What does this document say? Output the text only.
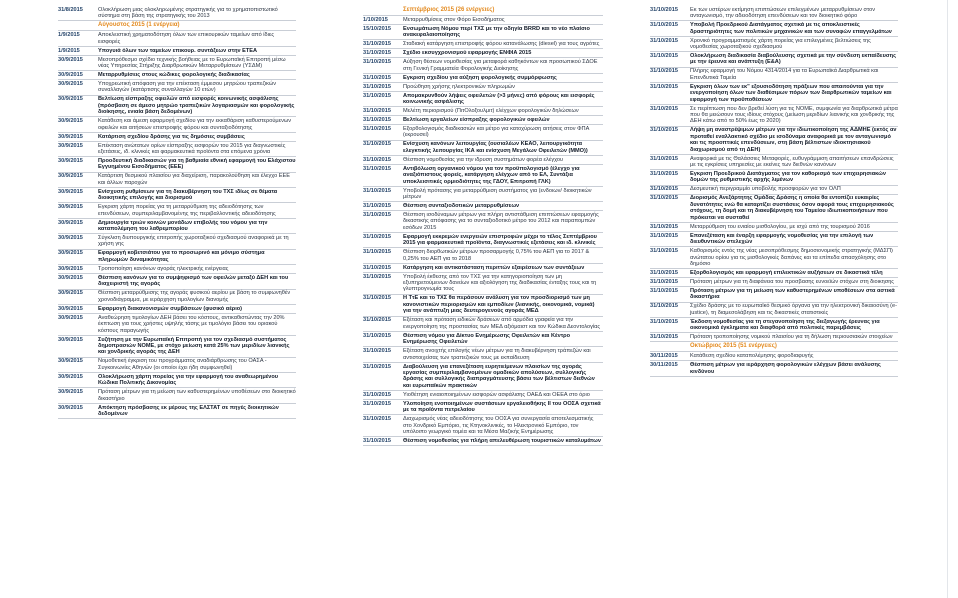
31/8/2015	Ολοκλήρωση μιας ολοκληρωμένης στρατηγικής για το χρηματοπιστωτικό σύστημα στη βάση της στρατηγικής του 2013
Αύγουστος 2015 (1 ενέργεια)
1/9/2015	Αποκλειστική χρηματοδότηση όλων των επικουρικών ταμείων από ίδιες εισφορές
1/9/2015	Υπογυιά όλων των ταμείων επικουρ. συντάξεων στην ΕΤΕΑ
30/9/2015	Μεσοπρόθεσμο σχέδιο τεχνικής βοήθειας με το Ευρωπαϊκή Επιτροπή μέσω νέας Υπηρεσίας Στήριξης Διαρθρωτικών Μεταρρυθμίσεων (ΥΣΔΜ)
30/9/2015	Μεταρρυθμίσεις στους κώδικες φορολογικής διαδικασίας
30/9/2015	Υποχρεωτική απόφαση για την επέκταση έμμεσου μητρώου τραπεζικών συναλλαγών (κατάρτισης συναλλαγών 10 ετών)
30/9/2015	Βελτίωση είσπραξης οφειλών από εισφορές κοινωνικής ασφάλισης (πρόσβαση σε άμεσο μητρώο τραπεζικών λογαριασμών και φορολογικής διοίκησης, ενιαία βάση δεδομένων)
30/9/2015	Κατάθεση και άμεση εφαρμογή σχεδίου για την εκκαθάριση καθυστερούμενων οφειλών και αιτήσεων επιστροφής φόρου και συνταξιοδότησης
30/9/2015	Κατάρτιση σχεδίου δράσης για τις δημόσιες συμβάσεις
30/9/2015	Επέκταση ανώτατων ορίων είσπραξης εισφορών του 2015 για διαγνωστικές εξετάσεις, ιδ. κλινικές και φαρμακευτικά προϊόντα στα επόμενα χρόνια
30/9/2015	Προοδευτική διαδικασιών για τη βαθμιαία εθνική εφαρμογή του Ελάχιστου Εγγυημένου Εισοδήματος (ΕΕΕ)
30/9/2015	Κατάρτιση θεσμικού πλαισίου για διαχείριση, παρακολούθηση και έλεγχο ΕΕΕ και άλλων παροχών
30/9/2015	Ενίσχυση ρυθμίσεων για τη διακυβέρνηση του ΤΧΣ ιδίως σε θέματα διοικητικής επιλογής και διορισμού
30/9/2015	Εγκριση χάρτη πορείας για τη μεταρρύθμιση της αδειοδότησης των επενδύσεων, συμπεριλαμβανομένης της περιβαλλοντικής αδειοδότησης
30/9/2015	Δημιουργία τριών κοινών μονάδων επιβολής του νόμου για την καταπολέμηση του λαθρεμπορίου
30/9/2015	Σύγκλιση διυπουργικής επιτροπής χωροταξικού σχεδιασμού αναφορικά με τη χρήση γης
30/9/2015	Εφαρμογή κοβετσιάτου για το προσωρινό και μόνιμο σύστημα πληρωμών δυναμικότητας
30/9/2015	Τροποποίηση κανόνων αγοράς ηλεκτρικής ενέργειας
30/9/2015	Θέσπιση κανόνων για το συμψηφισμό των οφειλών μεταξύ ΔΕΗ και του διαχειριστή της αγοράς
30/9/2015	Θέσπιση μεταρρύθμισης της αγοράς φυσικού αερίου με βάση το συμφωνηθέν χρονοδιάγραμμα, με ιεράρχηση τιμολογίων διανομής
30/9/2015	Εφαρμογή διακανονισμών συμβάσεων (φυσικό αέριο)
30/9/2015	Αναθεώρηση τιμολογίων ΔΕΗ βάσει του κόστους, αντικαθιστώντας την 20% έκπτωση για τους χρήστες υψηλής τάσης με τιμολόγιο βάσει του οριακού κόστους παραγωγής
30/9/2015	Συζήτηση με την Ευρωπαϊκή Επιτροπή για τον σχεδιασμό συστήματος δημοπρασιών ΝΟΜΕ, με στόχο μείωση κατά 25% των μεριδίων λιανικής και χονδρικής αγοράς της ΔΕΗ
30/9/2015	Νομοθετική έγκριση του προγράμματος αναδιάρθρωσης του ΟΑΣΑ - Συγκοινωνίες Αθηνών (οι οποίοι έχει ήδη συμφωνηθεί)
30/9/2015	Ολοκλήρωση χάρτη πορείας για την εφαρμογή του αναθεωρημένου Κώδικα Πολιτικής Δικονομίας
30/9/2015	Πρόταση μέτρων για τη μείωση των καθυστερημένων υποθέσεων στο διοικητικό δικαστήριο
30/9/2015	Απόκτηση πρόσβασης εκ μέρους της ΕΛΣΤΑΤ σε πηγές διοικητικών δεδομένων
Σεπτέμβριος 2015 (26 ενέργειες)
1/10/2015	Μεταρρυθμίσεις στον Φόρο Εισοδήματος
15/10/2015	Ενσωμάτωση Νόμου περί ΤΧΣ με την οδηγία BRRD και το νέο πλαίσιο ανακεφαλαιοποίησης
31/10/2015	Σταδιακή κατάργηση επιστροφής φόρου κατανάλωσης (diesel) για τους αγρότες
31/10/2015	Σχέδιο εκσυγχρονισμού εφαρμογής ΕΝΦΙΑ 2015
31/10/2015	Αύξηση θέσεων νομοθεσίας για μεταφορά καθηκόντων και προσωπικού ΣΔΟΕ στη Γενική Γραμματεία Φορολογικής Διοίκησης
31/10/2015	Εγκριση σχεδίου για αύξηση φορολογικής συμμόρφωσης
31/10/2015	Προώθηση χρήσης ηλεκτρονικών πληρωμών
31/10/2015	Απομακρυνθούν λήψεις οφειλετών (>3 μήνες) από φόρους και εισφορές κοινωνικής ασφάλισης
31/10/2015	Μελέτη περιορισμού (ΠιτΟλοξουλμιτ) ελέγχων φορολογικών δηλώσεων
31/10/2015	Βελτίωση εργαλείων είσπραξης φορολογικών οφειλών
31/10/2015	Εξορθολογισμός διαδικασιών και μέτρο για κατοχύρωση αιτήσεις στον ΦΠΑ (εκρουσεί)
31/10/2015	Ενίσχυση κανόνων λειτουργίας (ουσιαλέων ΚΕΑΟ, λειτουργικότητα ελεγκτικής λειτουργίας ΙΚΑ και ενίσχυση Μεγάλων Οφειλετών (ΜΜΟ))
31/10/2015	Θέσπιση νομοθεσίας για την ιδρυση συστημάτων φορέα ελέγχου
31/10/2015	Αντιβόλωση οργανικού νόμου για τον προϋπολογισμό (έλεγχο για αναξιόπιστους φορείς, κατάργηση ελέγχων από το ΕΛ, Συντάξια υποκλεισιτικές ορμιοδιότητες της ΓΔΟΥ, Επιτροπή ΓΛΚ)
31/10/2015	Υποβολή πρότασης για μεταρρύθμιση συστήματος για (ενδοιων/ διοικητικών μέτρων
31/10/2015	Θέσπιση συνταξιοδοτικών μεταρρυθμίσεων
31/10/2015	Θέσπιση ισοδύναμων μέτρων για πλήρη αντιστάθμιση επιπτώσεων εφαρμογής δικαστικής απόφασης για το συνταξιοδοτικό μέτρο του 2012 και παραπομπών εσόδων 2015
31/10/2015	Εφαρμογή εκκρεμών ενεργειών επιστροφών μέχρι το τέλος Σεπτέμβριου 2015 για φαρμακευτικά προϊόντα, διαγνωστικές εξετάσεις και ιδ. κλινικές
31/10/2015	Θέσπιση διορθωτικών μέτρων προσαρμογής 0,75% του ΑΕΠ για το 2017 & 0,25% του ΑΕΠ για το 2018
31/10/2015	Κατάργηση και αντικατάσταση περιττών εξαιρέσεων των συντάξεων
31/10/2015	Υποβολή έκθεσης από τον ΤΧΣ για την κατηγοριοποίηση των μη εξυπηρετούμενων δανείων και αξιολόγηση της διαδικασίας ένταξης τους και τη γλυπτρογνωμία τους
31/10/2015	Η ΤτΕ και το ΤΧΣ θα περάσουν ανάλυση για τον προσδιορισμό των μη κανονιστικών περιορισμών και εμποδίων (λιανικής, οικονομικά, νομικά) για την ανάπτυξη μιας δευτερογενούς αγοράς ΜΕΔ
31/10/2015	Εξέταση και πρόταση ειδικών δράσεων από αρμόδια γραφεία για την ενεργοποίηση της προστασίας των ΜΕΔ αξιόμαιστ και τον Κώδικα Δεοντολογίας
31/10/2015	Θέσπιση νόμου για Δίκτυο Ενημέρωσης Οφειλετών και Κέντρο Ενημέρωσης Οφειλετών
31/10/2015	Εξέταση ανοιχτής επιλογής νέων μέτρων για τη διακυβέρνηση τράπεζών και αντιστοιχείσας των τραπεζικών τους με εκπαίδευση
31/10/2015	Διαβούλευση για επανεξέταση ευρητιείμενων πλαισίων της αγοράς εργασίας συμπεριλαμβανομένων ομαδικών απολύσεων, συλλογικής δράσης και συλλογικής διαπραγμάτευσης βάσει των βέλτιστων διεθνών και ευρωπαϊκών πρακτικών
31/10/2015	Υιοθέτηση ενιαιοποιημένων εισφορών ασφάλισης ΟΑΕΔ και ΟΕΕΑ στο όριο
31/10/2015	Υλοποίηση ενοποιημένων συστάσεων εργαλειοθήκης ΙΙ του ΟΟΣΑ σχετικά με τα προϊόντα πετρελαίου
31/10/2015	Διαχωρισμός νέας αδειοδότησης του ΟΟΣΑ για συνεργασία αποτελεσματικής στο Χονδρικό Εμπόριο, τις Κτηνοκλινικές, το Ηλεκτρονικό Εμπόριο, τον υπόλοιπο γεωργικό τομέα και τα Μέσα Μαζικής Ενημέρωσης
31/10/2015	Θέσπιση νομοθεσίας για πλήρη απελευθέρωση τουριστικών καταλυμάτων
31/10/2015	Εκ των υστέρων εκτίμηση επιπτώσεων επιλεγμένων μεταρρυθμίσεων στον ανταγωνισμό, την αδειοδότηση επενδύσεων και τον διοικητικό φόρο
31/10/2015	Υποβολή Προεδρικού Διατάγματος σχετικά με τις αποκλειστικές δραστηριότητες των πολιτικών μηχανικών και των συναφών επαγγελμάτων
31/10/2015	Χρονικό προγραμματισμός χάρτη πορείας για επιλεγμένες βελτιώσεις της νομοθεσίας χωροταξικού σχεδιασμού
31/10/2015	Ολοκλήρωση διαδικασία διαβούλευσης σχετικά με την σύνδεση εκπαίδευσης με την έρευνα και ανάπτυξη (Ε&Α)
31/10/2015	Πλήρης εφαρμογή του Νόμου 4314/2014 για τα Ευρωπαϊκά Διαρθρωτικά και Επενδυτικά Ταμεία
31/10/2015	Εγκριση όλων των εκ" εξουσιοδότηση πράξεων που απαιτούνται για την ενεργοποίηση όλων των διαθέσιμων πόρων των διαρθρωτικών ταμείων και εφαρμογή των προϋποθέσεων
31/10/2015	Σε περίπτωση που δεν βρεθεί λύση για τις ΝΟΜΕ, συμφωνία για διαρθρωτικά μέτρα που θα μειώσουν τους ιδίους στόχους (μείωση μεριδίων λιανικής και χονδρικής της ΔΕΗ κάτω από το 50% έως το 2020)
31/10/2015	Λήψη μη αναστρέψιμων μέτρων για την ιδιωτικοποίηση της ΑΔΜΗΕ (εκτός αν προταθεί εναλλακτικό σχέδιο με ισοδύναμα αναφορικά με τον ανταγωνισμό και τις προοπτικές επενδύσεων, στη βάση βέλτιστων ιδιοκτησιακού διαχωρισμού από τη ΔΕΗ)
31/10/2015	Αναφορικά με τις Θαλάσσιες Μεταφορές, ευθυγράμμιση απαιτήσεων επανδρώσεις με τις εγκρίσεις υπηρεσίες με εκείνες των διεθνών κανόνων
31/10/2015	Εγκριση Προεδρικού Διατάγματος για τον καθορισμό των επιχειρησιακών δομών της ρυθμιστικής αρχής λιμένων
31/10/2015	Δεσμευτική περιγραμμίο υποβολής προσφορών για τον ΟΛΠ
31/10/2015	Διορισμός Ανεξάρτητης Ομάδας Δράσης η οποία θα εντοπίζει ευκαιρίες δυνατότητες ενώ θα καταρτίζει συστάσεις όσον αφορά τους επιχειρησιακούς στόχους, τη δομή και τη διακυβέρνηση του Ταμείου ιδιωτικοποιήσεων που πρόκειται να συσταθεί
31/10/2015	Μεταρρύθμιση του ενιαίου μισθολογίου, με ισχύ από της τουρισμού 2016
31/10/2015	Επανεξέταση και έναρξη εφαρμογής νομοθεσίας για την επιλογή των διευθυντικών στελεχών
31/10/2015	Καθορισμός εντός της νέας μεσοπρόθεσμης δημοσιονομικής στρατηγικής (ΜΔΣΠ) ανώτατου ορίου για τις μισθολογικές δαπάνες και τα επίπεδα απασχόλησης στο δημόσιο
31/10/2015	Εξορθολογισμός και εφαρμογή επιλεκτικών αυξήσεων σε δικαστικά τέλη
31/10/2015	Πρόταση μέτρων για τη διαφάνεια του προσβασης ευνοεϊών στόχων στη διοικησης
31/10/2015	Πρόταση μέτρων για τη μείωση των καθυστερημένων υποθέσεων στα αστικά δικαστήρια
31/10/2015	Σχέδιο δράσης με το ευρωπαϊκό θεσμικό όργανα για την ηλεκτρονική δικαιοσύνη (e-justice), τη διαμεσολάβηση και τις δικαστικές στατιστικές
31/10/2015	Έκδοση νομοθεσίας για τη στεγανοποίηση της διεξαγωγής έρευνας για οικονομικά έγκληματα και διαφθορά από πολιτικές παρεμβάσεις
31/10/2015	Πρόταση τροποποίησης νομικού πλαισίου για τη δήλωση περιουσιακών στοιχείων
Οκτώβριος 2015 (51 ενέργειες)
30/11/2015	Κατάθεση σχεδίου καταπολέμησης φοροδιαφυγής
30/11/2015	Θέσπιση μέτρων για ιεράρχηση φορολογικών ελέγχων βάσει ανάλυσης κινδύνου
